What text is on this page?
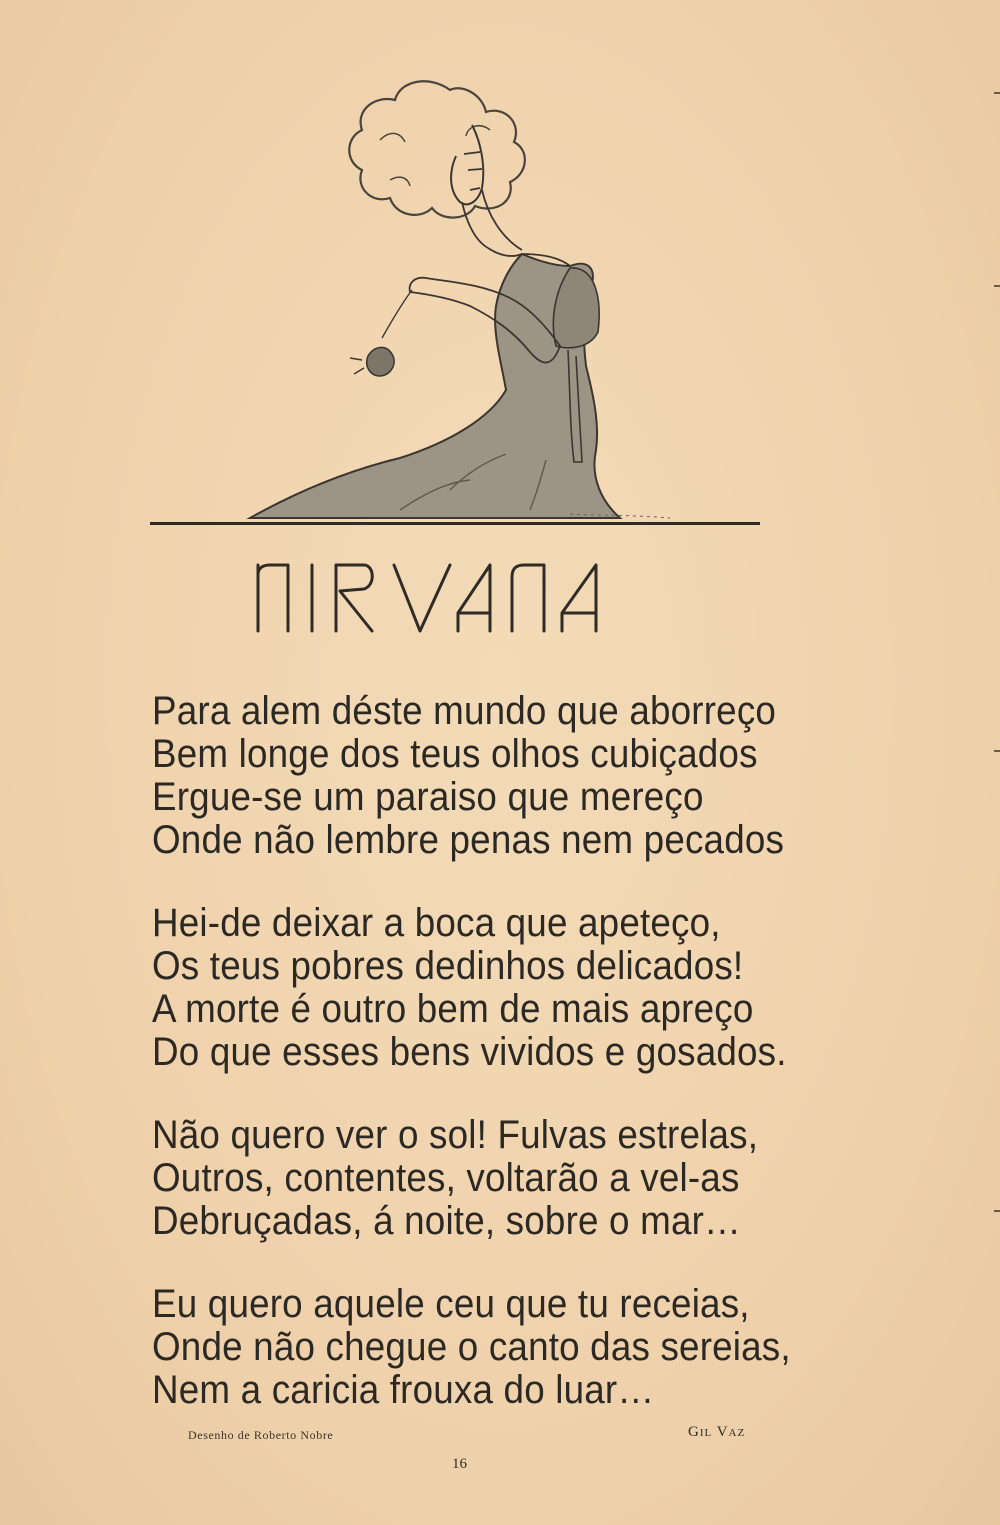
Para alem déste mundo que aborreço
Bem longe dos teus olhos cubiçados
Ergue-se um paraiso que mereço
Onde não lembre penas nem pecados
Hei-de deixar a boca que apeteço,
Os teus pobres dedinhos delicados!
A morte é outro bem de mais apreço
Do que esses bens vividos e gosados.
Não quero ver o sol! Fulvas estrelas,
Outros, contentes, voltarão a vel-as
Debruçadas, á noite, sobre o mar…
Eu quero aquele ceu que tu receias,
Onde não chegue o canto das sereias,
Nem a caricia frouxa do luar…
Desenho de Roberto Nobre	Gil Vaz
16
